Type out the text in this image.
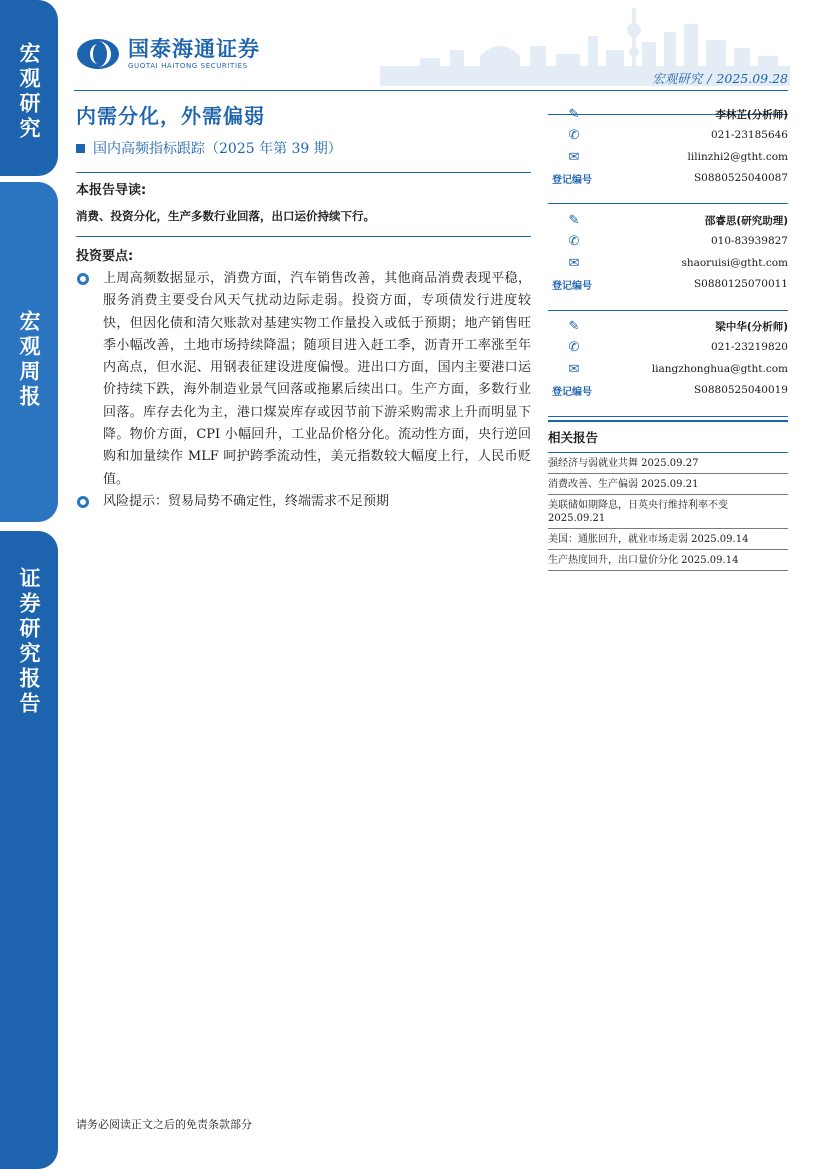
宏观研究
宏观周报
证券研究报告
国泰海通证券
GUOTAI HAITONG SECURITIES
宏观研究 / 2025.09.28
内需分化，外需偏弱
国内高频指标跟踪（2025 年第 39 期）
本报告导读:
消费、投资分化，生产多数行业回落，出口运价持续下行。
投资要点:
上周高频数据显示，消费方面，汽车销售改善，其他商品消费表现平稳，服务消费主要受台风天气扰动边际走弱。投资方面，专项债发行进度较快，但因化债和清欠账款对基建实物工作量投入或低于预期；地产销售旺季小幅改善，土地市场持续降温；随项目进入赶工季，沥青开工率涨至年内高点，但水泥、用钢表征建设进度偏慢。进出口方面，国内主要港口运价持续下跌，海外制造业景气回落或拖累后续出口。生产方面，多数行业回落。库存去化为主，港口煤炭库存或因节前下游采购需求上升而明显下降。物价方面，CPI 小幅回升，工业品价格分化。流动性方面，央行逆回购和加量续作 MLF 呵护跨季流动性，美元指数较大幅度上行，人民币贬值。
风险提示：贸易局势不确定性，终端需求不足预期
✎	李林芷(分析师)
✆	021-23185646
✉	lilinzhi2@gtht.com
登记编号	S0880525040087
✎	邵睿思(研究助理)
✆	010-83939827
✉	shaoruisi@gtht.com
登记编号	S0880125070011
✎	梁中华(分析师)
✆	021-23219820
✉	liangzhonghua@gtht.com
登记编号	S0880525040019
相关报告
强经济与弱就业共舞 2025.09.27
消费改善、生产偏弱 2025.09.21
美联储如期降息，日英央行维持利率不变 2025.09.21
美国：通胀回升，就业市场走弱 2025.09.14
生产热度回升，出口量价分化 2025.09.14
请务必阅读正文之后的免责条款部分
